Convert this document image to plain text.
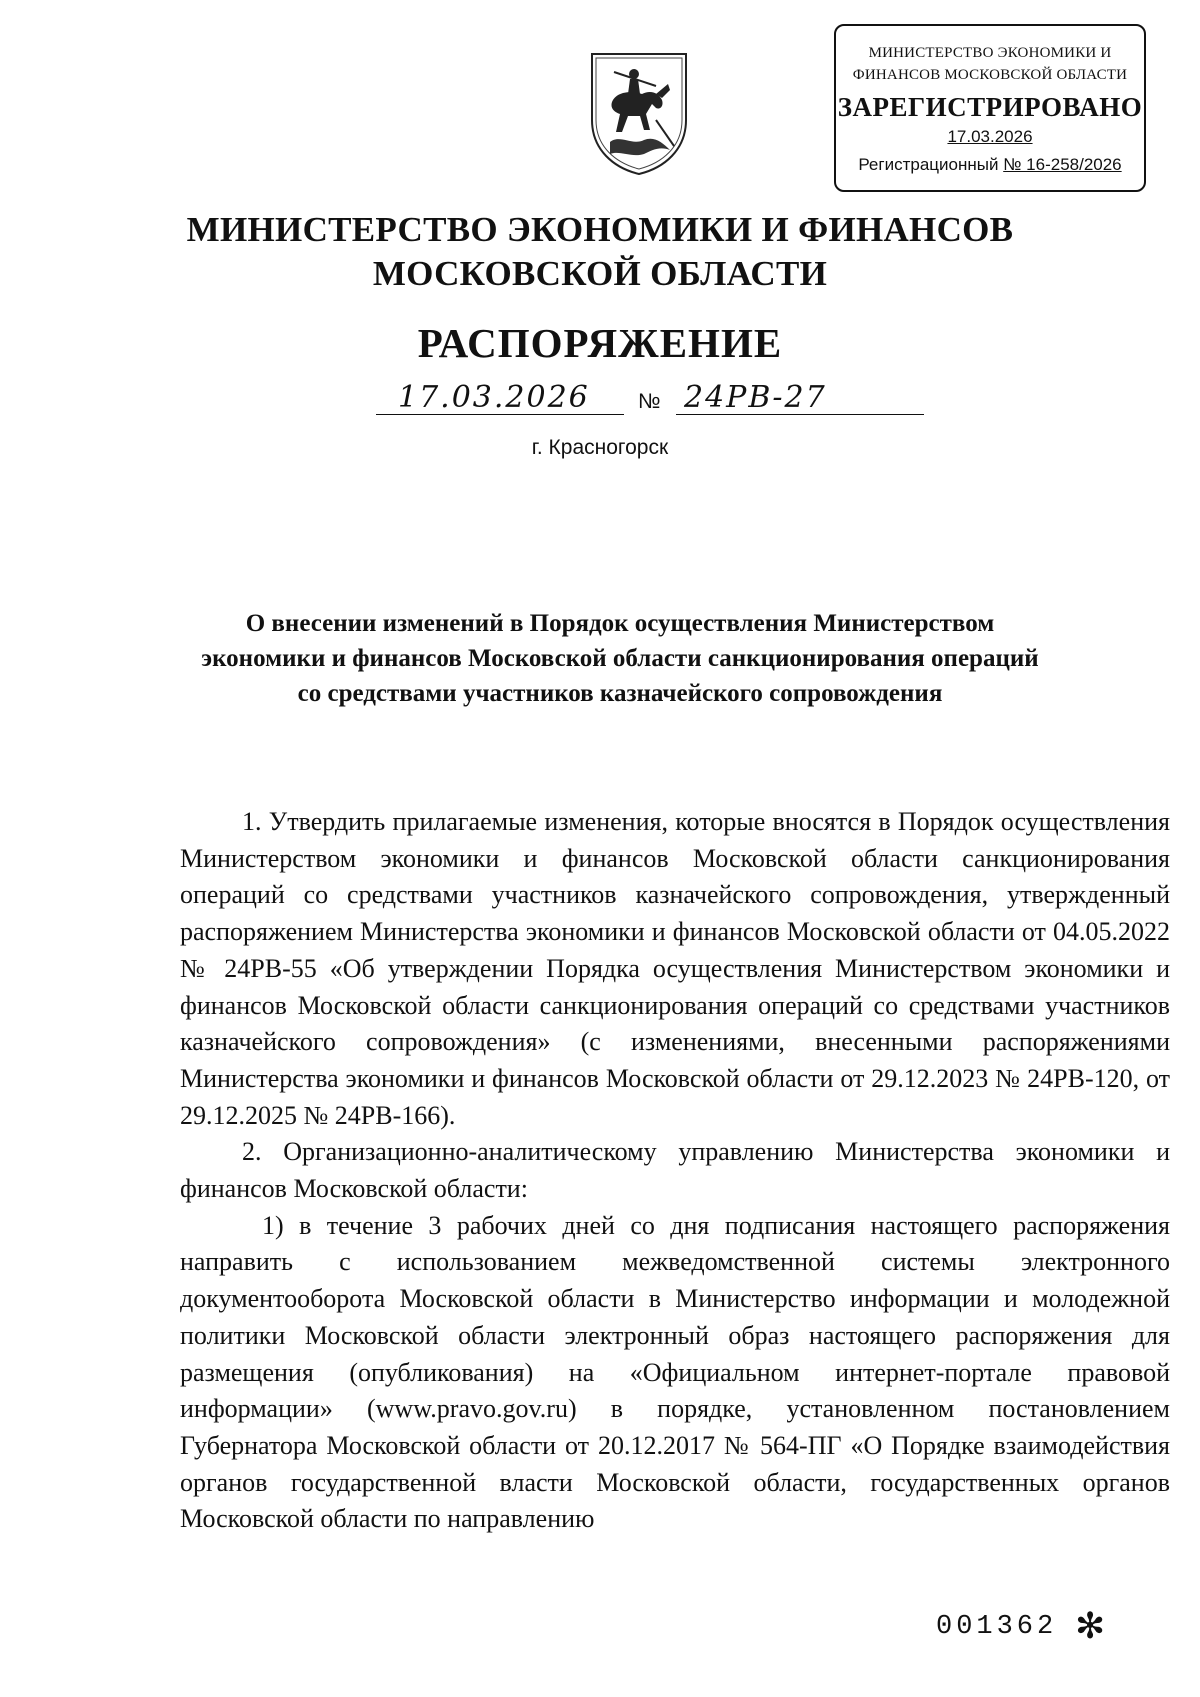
МИНИСТЕРСТВО ЭКОНОМИКИ И
ФИНАНСОВ МОСКОВСКОЙ ОБЛАСТИ
ЗАРЕГИСТРИРОВАНО
17.03.2026
Регистрационный № 16-258/2026
МИНИСТЕРСТВО ЭКОНОМИКИ И ФИНАНСОВ
МОСКОВСКОЙ ОБЛАСТИ
РАСПОРЯЖЕНИЕ
17.03.2026 № 24РВ-27
г. Красногорск
О внесении изменений в Порядок осуществления Министерством
экономики и финансов Московской области санкционирования операций
со средствами участников казначейского сопровождения
1. Утвердить прилагаемые изменения, которые вносятся в Порядок осуществления Министерством экономики и финансов Московской области санкционирования операций со средствами участников казначейского сопровождения, утвержденный распоряжением Министерства экономики и финансов Московской области от 04.05.2022 № 24РВ-55 «Об утверждении Порядка осуществления Министерством экономики и финансов Московской области санкционирования операций со средствами участников казначейского сопровождения» (с изменениями, внесенными распоряжениями Министерства экономики и финансов Московской области от 29.12.2023 № 24РВ-120, от 29.12.2025 № 24РВ-166).
2. Организационно-аналитическому управлению Министерства экономики и финансов Московской области:
1) в течение 3 рабочих дней со дня подписания настоящего распоряжения направить с использованием межведомственной системы электронного документооборота Московской области в Министерство информации и молодежной политики Московской области электронный образ настоящего распоряжения для размещения (опубликования) на «Официальном интернет-портале правовой информации» (www.pravo.gov.ru) в порядке, установленном постановлением Губернатора Московской области от 20.12.2017 № 564-ПГ «О Порядке взаимодействия органов государственной власти Московской области, государственных органов Московской области по направлению
001362 ✻
